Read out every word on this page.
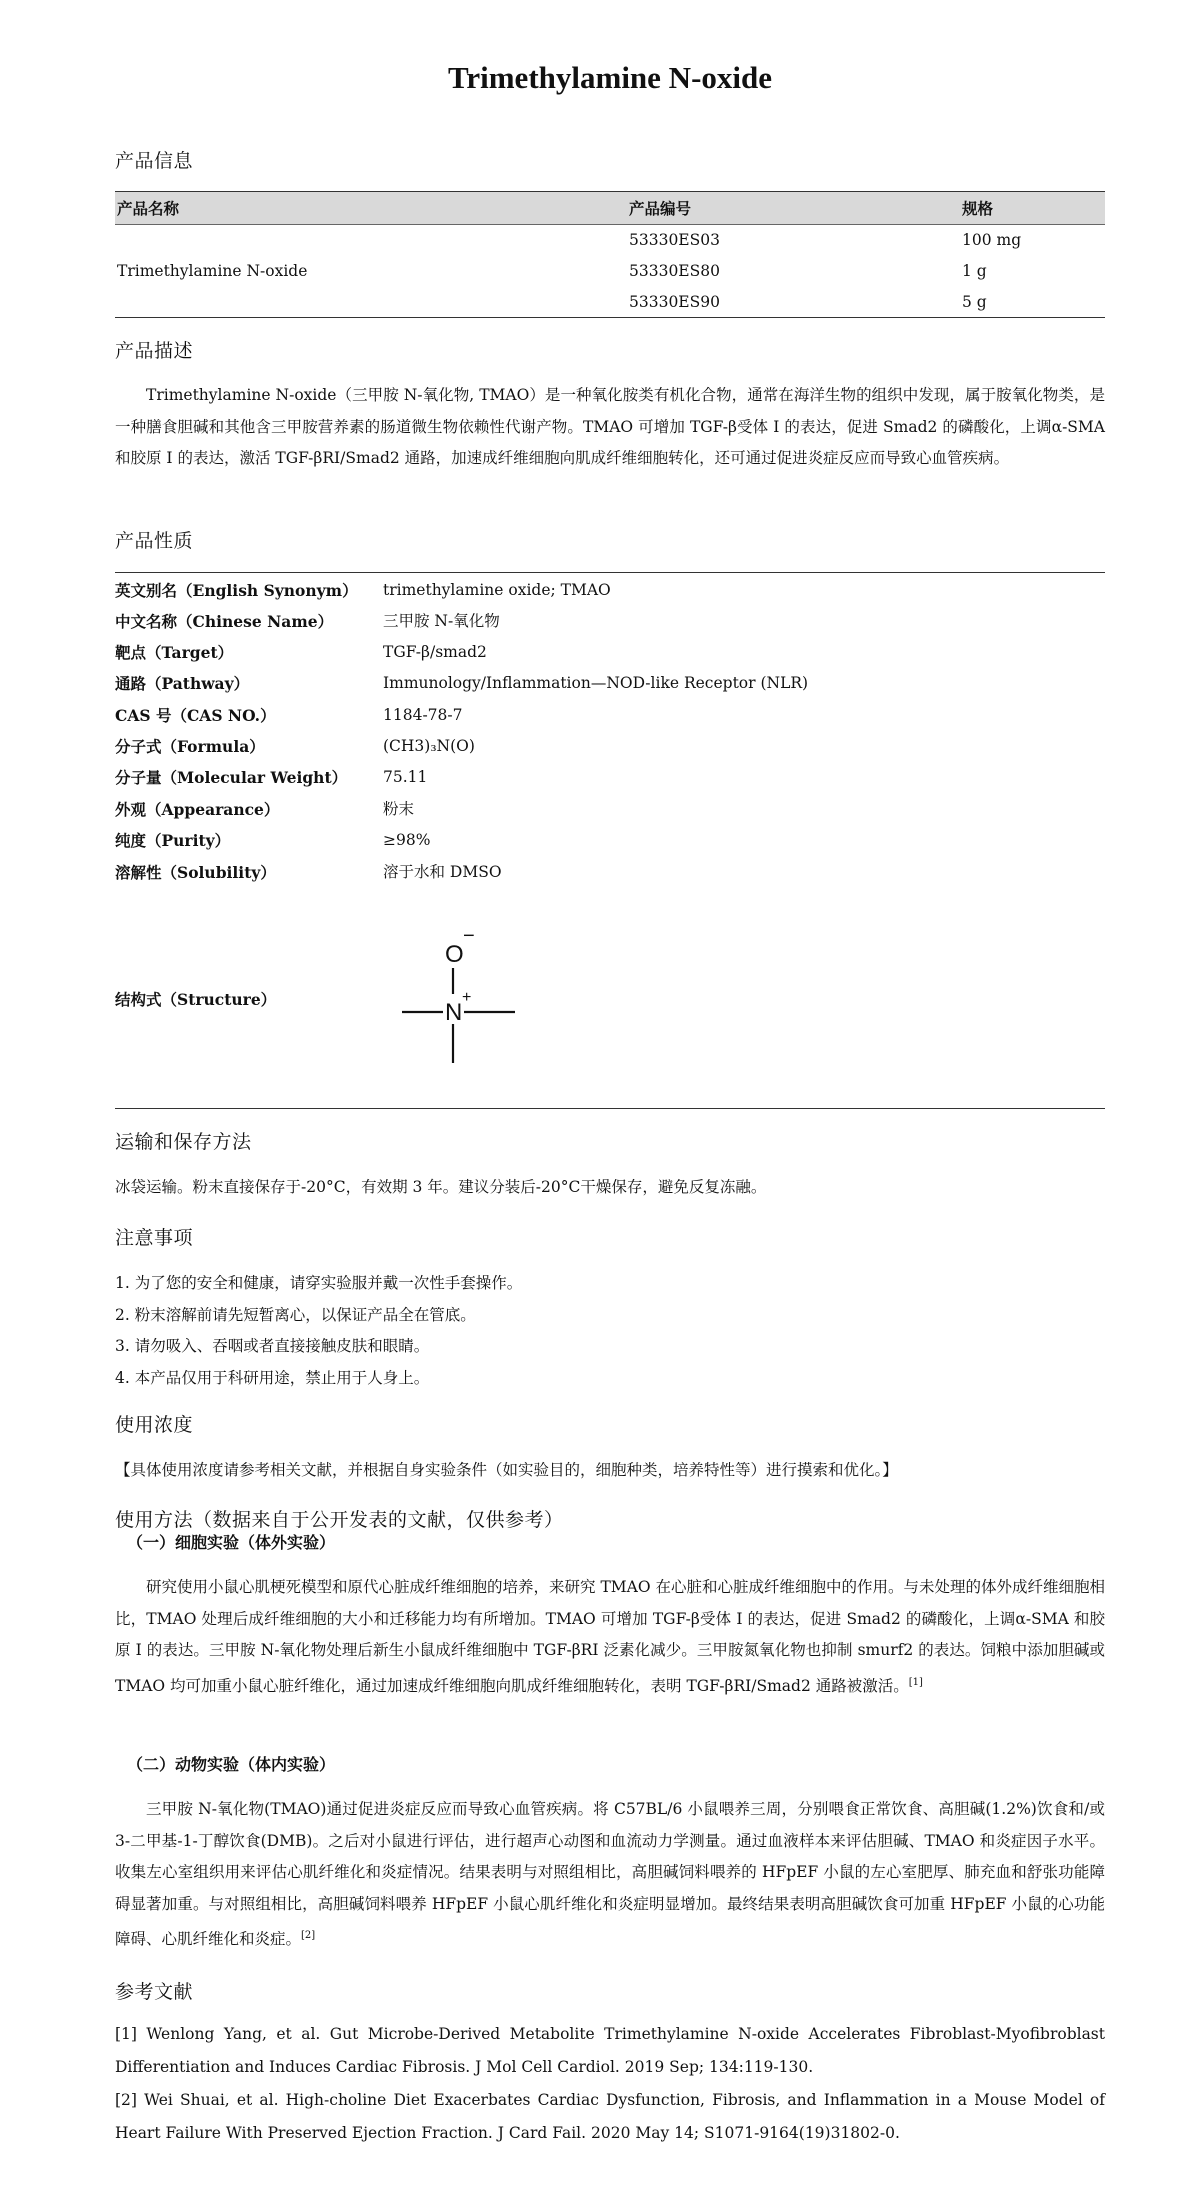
Trimethylamine N-oxide
产品信息
产品名称	产品编号	规格
Trimethylamine N-oxide	53330ES03	100 mg
	53330ES80	1 g
	53330ES90	5 g
产品描述

Trimethylamine N-oxide（三甲胺 N-氧化物, TMAO）是一种氧化胺类有机化合物，通常在海洋生物的组织中发现，属于胺氧化物类，是一种膳食胆碱和其他含三甲胺营养素的肠道微生物依赖性代谢产物。TMAO 可增加 TGF-β受体 I 的表达，促进 Smad2 的磷酸化，上调α-SMA 和胶原 I 的表达，激活 TGF-βRI/Smad2 通路，加速成纤维细胞向肌成纤维细胞转化，还可通过促进炎症反应而导致心血管疾病。

产品性质
英文别名（English Synonym）	trimethylamine oxide; TMAO
中文名称（Chinese Name）	三甲胺 N-氧化物
靶点（Target）	TGF-β/smad2
通路（Pathway）	Immunology/Inflammation—NOD-like Receptor (NLR)
CAS 号（CAS NO.）	1184-78-7
分子式（Formula）	(CH3)₃N(O)
分子量（Molecular Weight）	75.11
外观（Appearance）	粉末
纯度（Purity）	≥98%
溶解性（Solubility）	溶于水和 DMSO
结构式（Structure）
O
−
N
+
运输和保存方法

冰袋运输。粉末直接保存于-20°C，有效期 3 年。建议分装后-20°C干燥保存，避免反复冻融。

注意事项
1. 为了您的安全和健康，请穿实验服并戴一次性手套操作。
2. 粉末溶解前请先短暂离心，以保证产品全在管底。
3. 请勿吸入、吞咽或者直接接触皮肤和眼睛。
4. 本产品仅用于科研用途，禁止用于人身上。
使用浓度

【具体使用浓度请参考相关文献，并根据自身实验条件（如实验目的，细胞种类，培养特性等）进行摸索和优化。】

使用方法（数据来自于公开发表的文献，仅供参考）
（一）细胞实验（体外实验）

研究使用小鼠心肌梗死模型和原代心脏成纤维细胞的培养，来研究 TMAO 在心脏和心脏成纤维细胞中的作用。与未处理的体外成纤维细胞相比，TMAO 处理后成纤维细胞的大小和迁移能力均有所增加。TMAO 可增加 TGF-β受体 I 的表达，促进 Smad2 的磷酸化，上调α-SMA 和胶原 I 的表达。三甲胺 N-氧化物处理后新生小鼠成纤维细胞中 TGF-βRI 泛素化减少。三甲胺氮氧化物也抑制 smurf2 的表达。饲粮中添加胆碱或 TMAO 均可加重小鼠心脏纤维化，通过加速成纤维细胞向肌成纤维细胞转化，表明 TGF-βRI/Smad2 通路被激活。[1]

（二）动物实验（体内实验）

三甲胺 N-氧化物(TMAO)通过促进炎症反应而导致心血管疾病。将 C57BL/6 小鼠喂养三周，分别喂食正常饮食、高胆碱(1.2%)饮食和/或 3-二甲基-1-丁醇饮食(DMB)。之后对小鼠进行评估，进行超声心动图和血流动力学测量。通过血液样本来评估胆碱、TMAO 和炎症因子水平。收集左心室组织用来评估心肌纤维化和炎症情况。结果表明与对照组相比，高胆碱饲料喂养的 HFpEF 小鼠的左心室肥厚、肺充血和舒张功能障碍显著加重。与对照组相比，高胆碱饲料喂养 HFpEF 小鼠心肌纤维化和炎症明显增加。最终结果表明高胆碱饮食可加重 HFpEF 小鼠的心功能障碍、心肌纤维化和炎症。[2]

参考文献

[1] Wenlong Yang, et al. Gut Microbe-Derived Metabolite Trimethylamine N-oxide Accelerates Fibroblast-Myofibroblast Differentiation and Induces Cardiac Fibrosis. J Mol Cell Cardiol. 2019 Sep; 134:119-130.

[2] Wei Shuai, et al. High-choline Diet Exacerbates Cardiac Dysfunction, Fibrosis, and Inflammation in a Mouse Model of Heart Failure With Preserved Ejection Fraction. J Card Fail. 2020 May 14; S1071-9164(19)31802-0.
